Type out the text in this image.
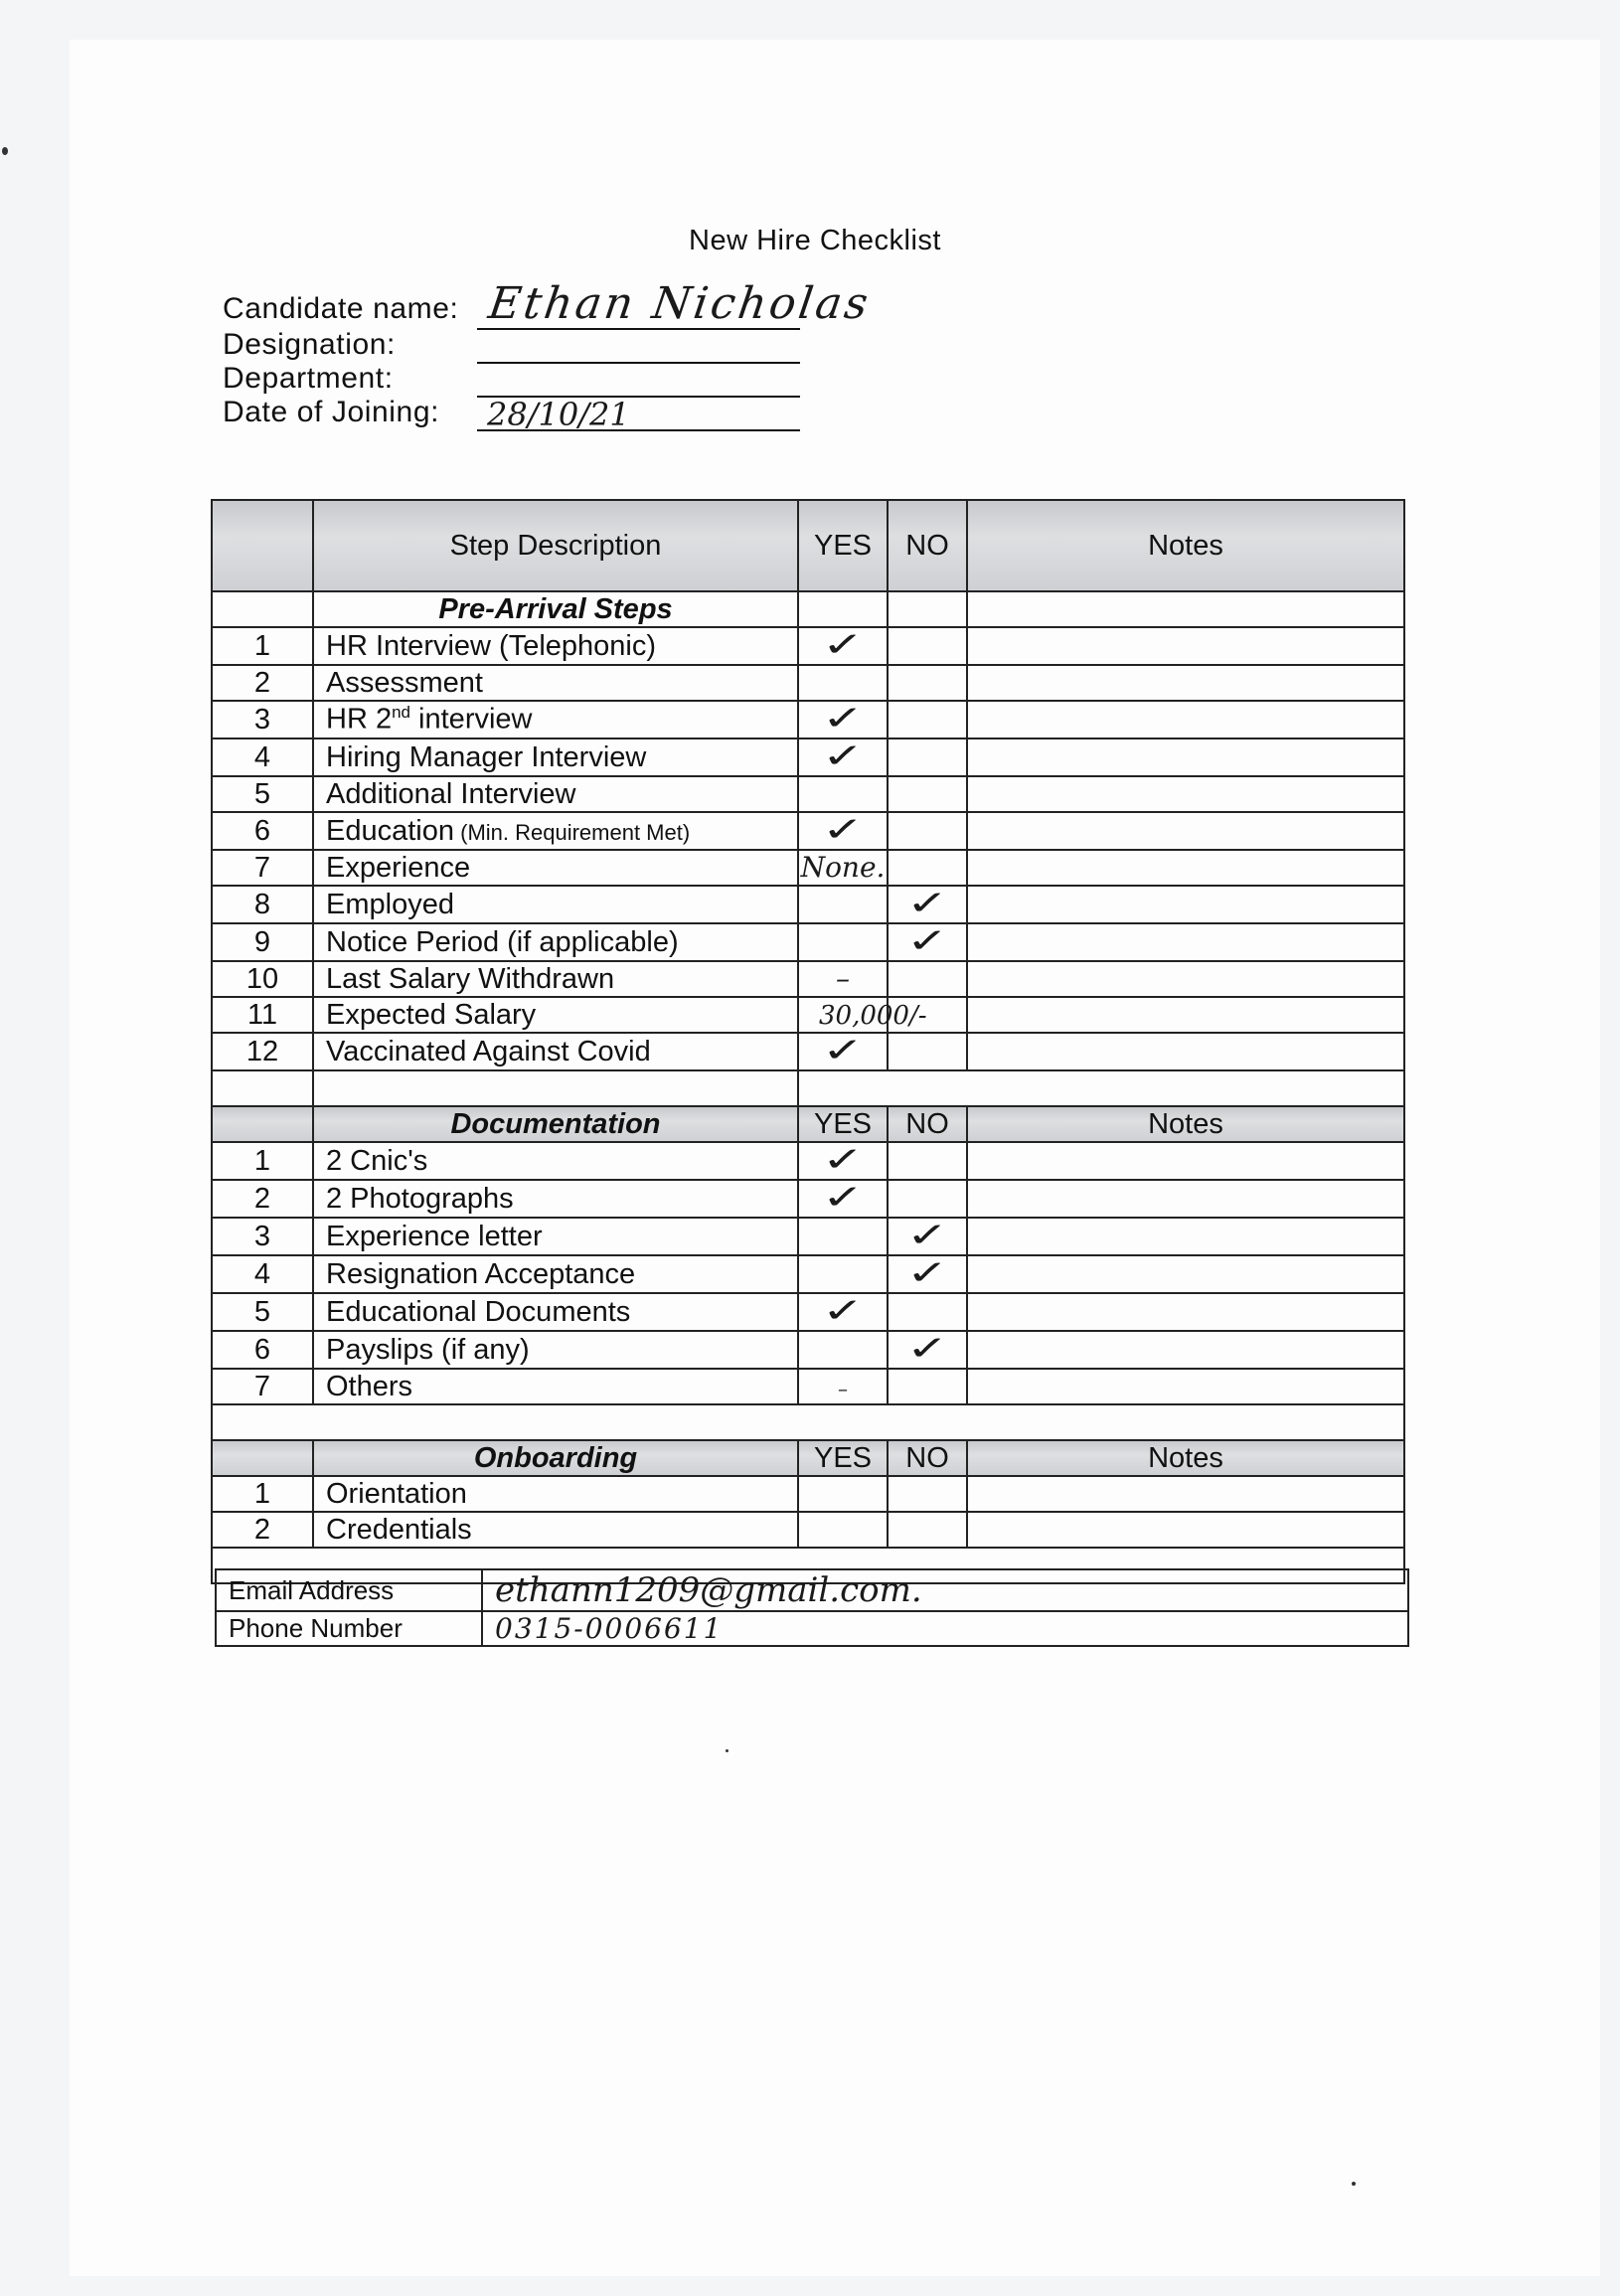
New Hire Checklist
Candidate name: Ethan Nicholas
Designation:
Department:
Date of Joining: 28/10/21
	Step Description	YES	NO	Notes
	Pre-Arrival Steps			
1	HR Interview (Telephonic)	✓		
2	Assessment			
3	HR 2nd interview	✓		
4	Hiring Manager Interview	✓		
5	Additional Interview			
6	Education (Min. Requirement Met)	✓		
7	Experience	None.		
8	Employed		✓	
9	Notice Period (if applicable)		✓	
10	Last Salary Withdrawn	–		
11	Expected Salary	30,000/-		
12	Vaccinated Against Covid	✓		

	Documentation	YES	NO	Notes
1	2 Cnic's	✓		
2	2 Photographs	✓		
3	Experience letter		✓	
4	Resignation Acceptance		✓	
5	Educational Documents	✓		
6	Payslips (if any)		✓	
7	Others	–		

	Onboarding	YES	NO	Notes
1	Orientation			
2	Credentials			

Email Address	ethann1209@gmail.com.
Phone Number	0315-0006611
